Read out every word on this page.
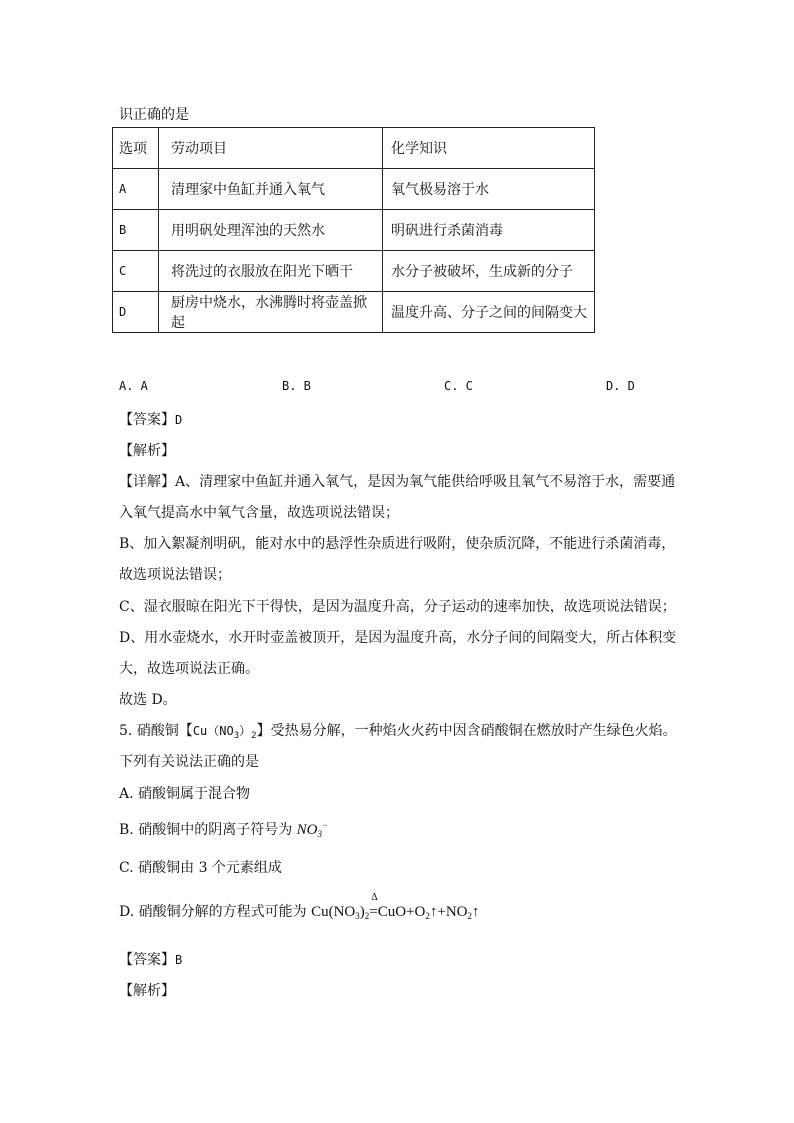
识正确的是
选项	劳动项目	化学知识
A	清理家中鱼缸并通入氧气	氧气极易溶于水
B	用明矾处理浑浊的天然水	明矾进行杀菌消毒
C	将洗过的衣服放在阳光下晒干	水分子被破坏，生成新的分子
D	厨房中烧水，水沸腾时将壶盖掀起	温度升高、分子之间的间隔变大
A. A	B. B	C. C	D. D
【答案】D
【解析】
【详解】A、清理家中鱼缸并通入氧气，是因为氧气能供给呼吸且氧气不易溶于水，需要通
入氧气提高水中氧气含量，故选项说法错误；
B、加入絮凝剂明矾，能对水中的悬浮性杂质进行吸附，使杂质沉降，不能进行杀菌消毒，
故选项说法错误；
C、湿衣服晾在阳光下干得快，是因为温度升高，分子运动的速率加快，故选项说法错误；
D、用水壶烧水，水开时壶盖被顶开，是因为温度升高，水分子间的间隔变大，所占体积变
大，故选项说法正确。
故选 D。
5. 硝酸铜【$Cu(NO_3)_2$】受热易分解，一种焰火火药中因含硝酸铜在燃放时产生绿色火焰。
下列有关说法正确的是
A. 硝酸铜属于混合物
B. 硝酸铜中的阴离子符号为 $NO_3^-$
C. 硝酸铜由 3 个元素组成
D. 硝酸铜分解的方程式可能为 $Cu(NO_3)_2$
Δ
$=CuO+O_2↑+NO_2↑$
【答案】B
【解析】
